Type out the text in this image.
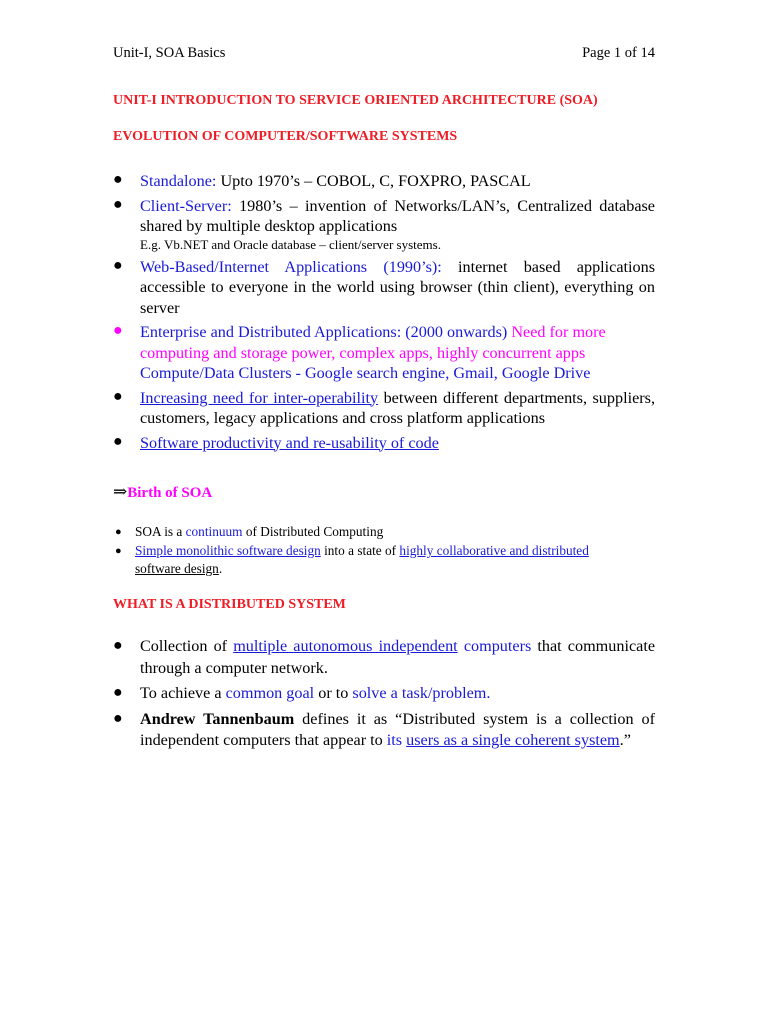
Unit-I, SOA Basics	Page 1 of 14
UNIT-I INTRODUCTION TO SERVICE ORIENTED ARCHITECTURE (SOA)
EVOLUTION OF COMPUTER/SOFTWARE SYSTEMS
● Standalone: Upto 1970’s – COBOL, C, FOXPRO, PASCAL
● Client-Server: 1980’s – invention of Networks/LAN’s, Centralized database shared by multiple desktop applications
E.g. Vb.NET and Oracle database – client/server systems.
● Web-Based/Internet Applications (1990’s): internet based applications accessible to everyone in the world using browser (thin client), everything on server
● Enterprise and Distributed Applications: (2000 onwards) Need for more computing and storage power, complex apps, highly concurrent apps
Compute/Data Clusters - Google search engine, Gmail, Google Drive
● Increasing need for inter-operability between different departments, suppliers, customers, legacy applications and cross platform applications
● Software productivity and re-usability of code
⇒Birth of SOA
● SOA is a continuum of Distributed Computing
● Simple monolithic software design into a state of highly collaborative and distributed
software design.
WHAT IS A DISTRIBUTED SYSTEM
● Collection of multiple autonomous independent computers that communicate through a computer network.
● To achieve a common goal or to solve a task/problem.
● Andrew Tannenbaum defines it as “Distributed system is a collection of independent computers that appear to its users as a single coherent system.”
